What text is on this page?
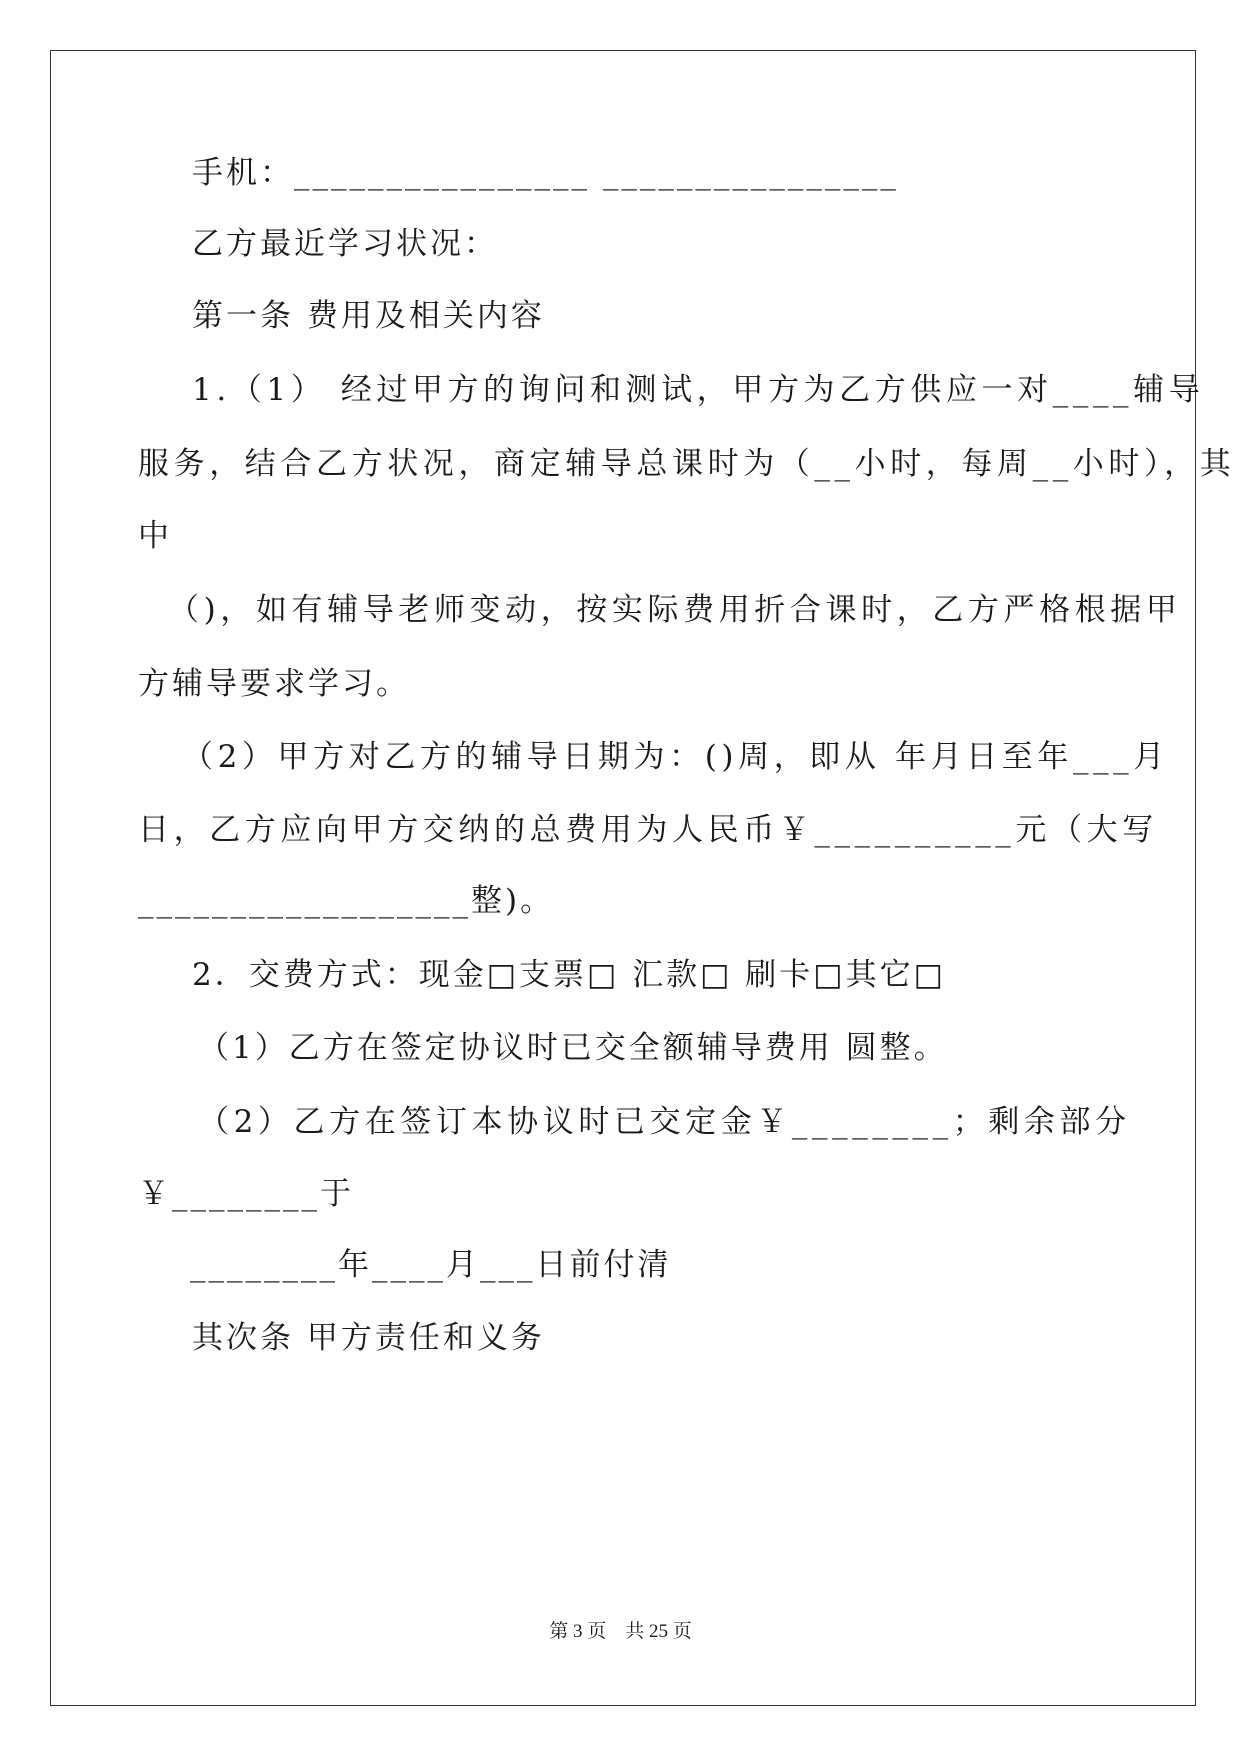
手机：________________ ________________
乙方最近学习状况：
第一条 费用及相关内容
1.（1） 经过甲方的询问和测试，甲方为乙方供应一对____辅导
服务，结合乙方状况，商定辅导总课时为（__小时，每周__小时），其
中
（)，如有辅导老师变动，按实际费用折合课时，乙方严格根据甲
方辅导要求学习。
（2）甲方对乙方的辅导日期为：()周，即从 年月日至年___月
日，乙方应向甲方交纳的总费用为人民币￥__________元（大写
__________________整)。
2．交费方式：现金□支票□ 汇款□ 刷卡□其它□
（1）乙方在签定协议时已交全额辅导费用 圆整。
（2）乙方在签订本协议时已交定金￥________；剩余部分
￥________于
________年____月___日前付清
其次条 甲方责任和义务
第 3 页　共 25 页
